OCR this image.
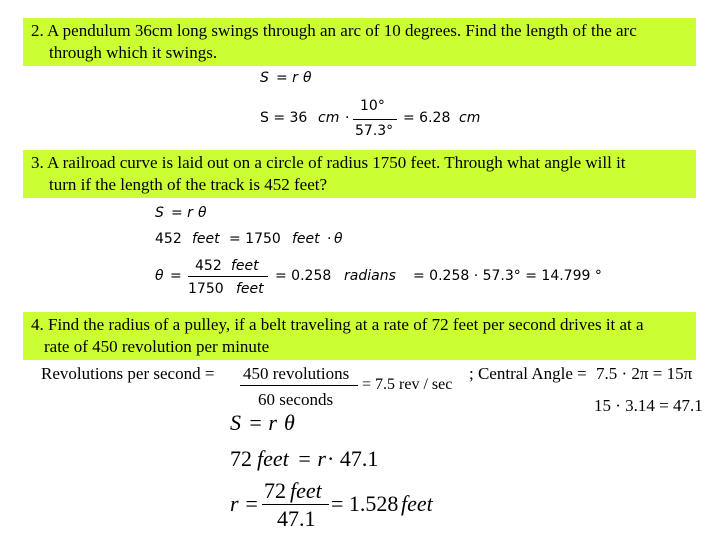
2. A pendulum 36cm long swings through an arc of 10 degrees. Find the length of the arc
through which it swings.
S = r θ
S = 36 cm ·
10°
57.3°
= 6.28 cm
3. A railroad curve is laid out on a circle of radius 1750 feet. Through what angle will it
turn if the length of the track is 452 feet?
S = r θ
452 feet = 1750 feet · θ
θ =
452 feet
1750 feet
= 0.258 radians = 0.258 · 57.3° = 14.799 °
4. Find the radius of a pulley, if a belt traveling at a rate of 72 feet per second drives it at a
rate of 450 revolution per minute
Revolutions per second = 450 revolutions
60 seconds
= 7.5 rev / sec
; Central Angle = 7.5 · 2π = 15π
15 · 3.14 = 47.1
S = r θ
72 feet = r · 47.1
r =
72 feet
47.1
= 1.528 feet
